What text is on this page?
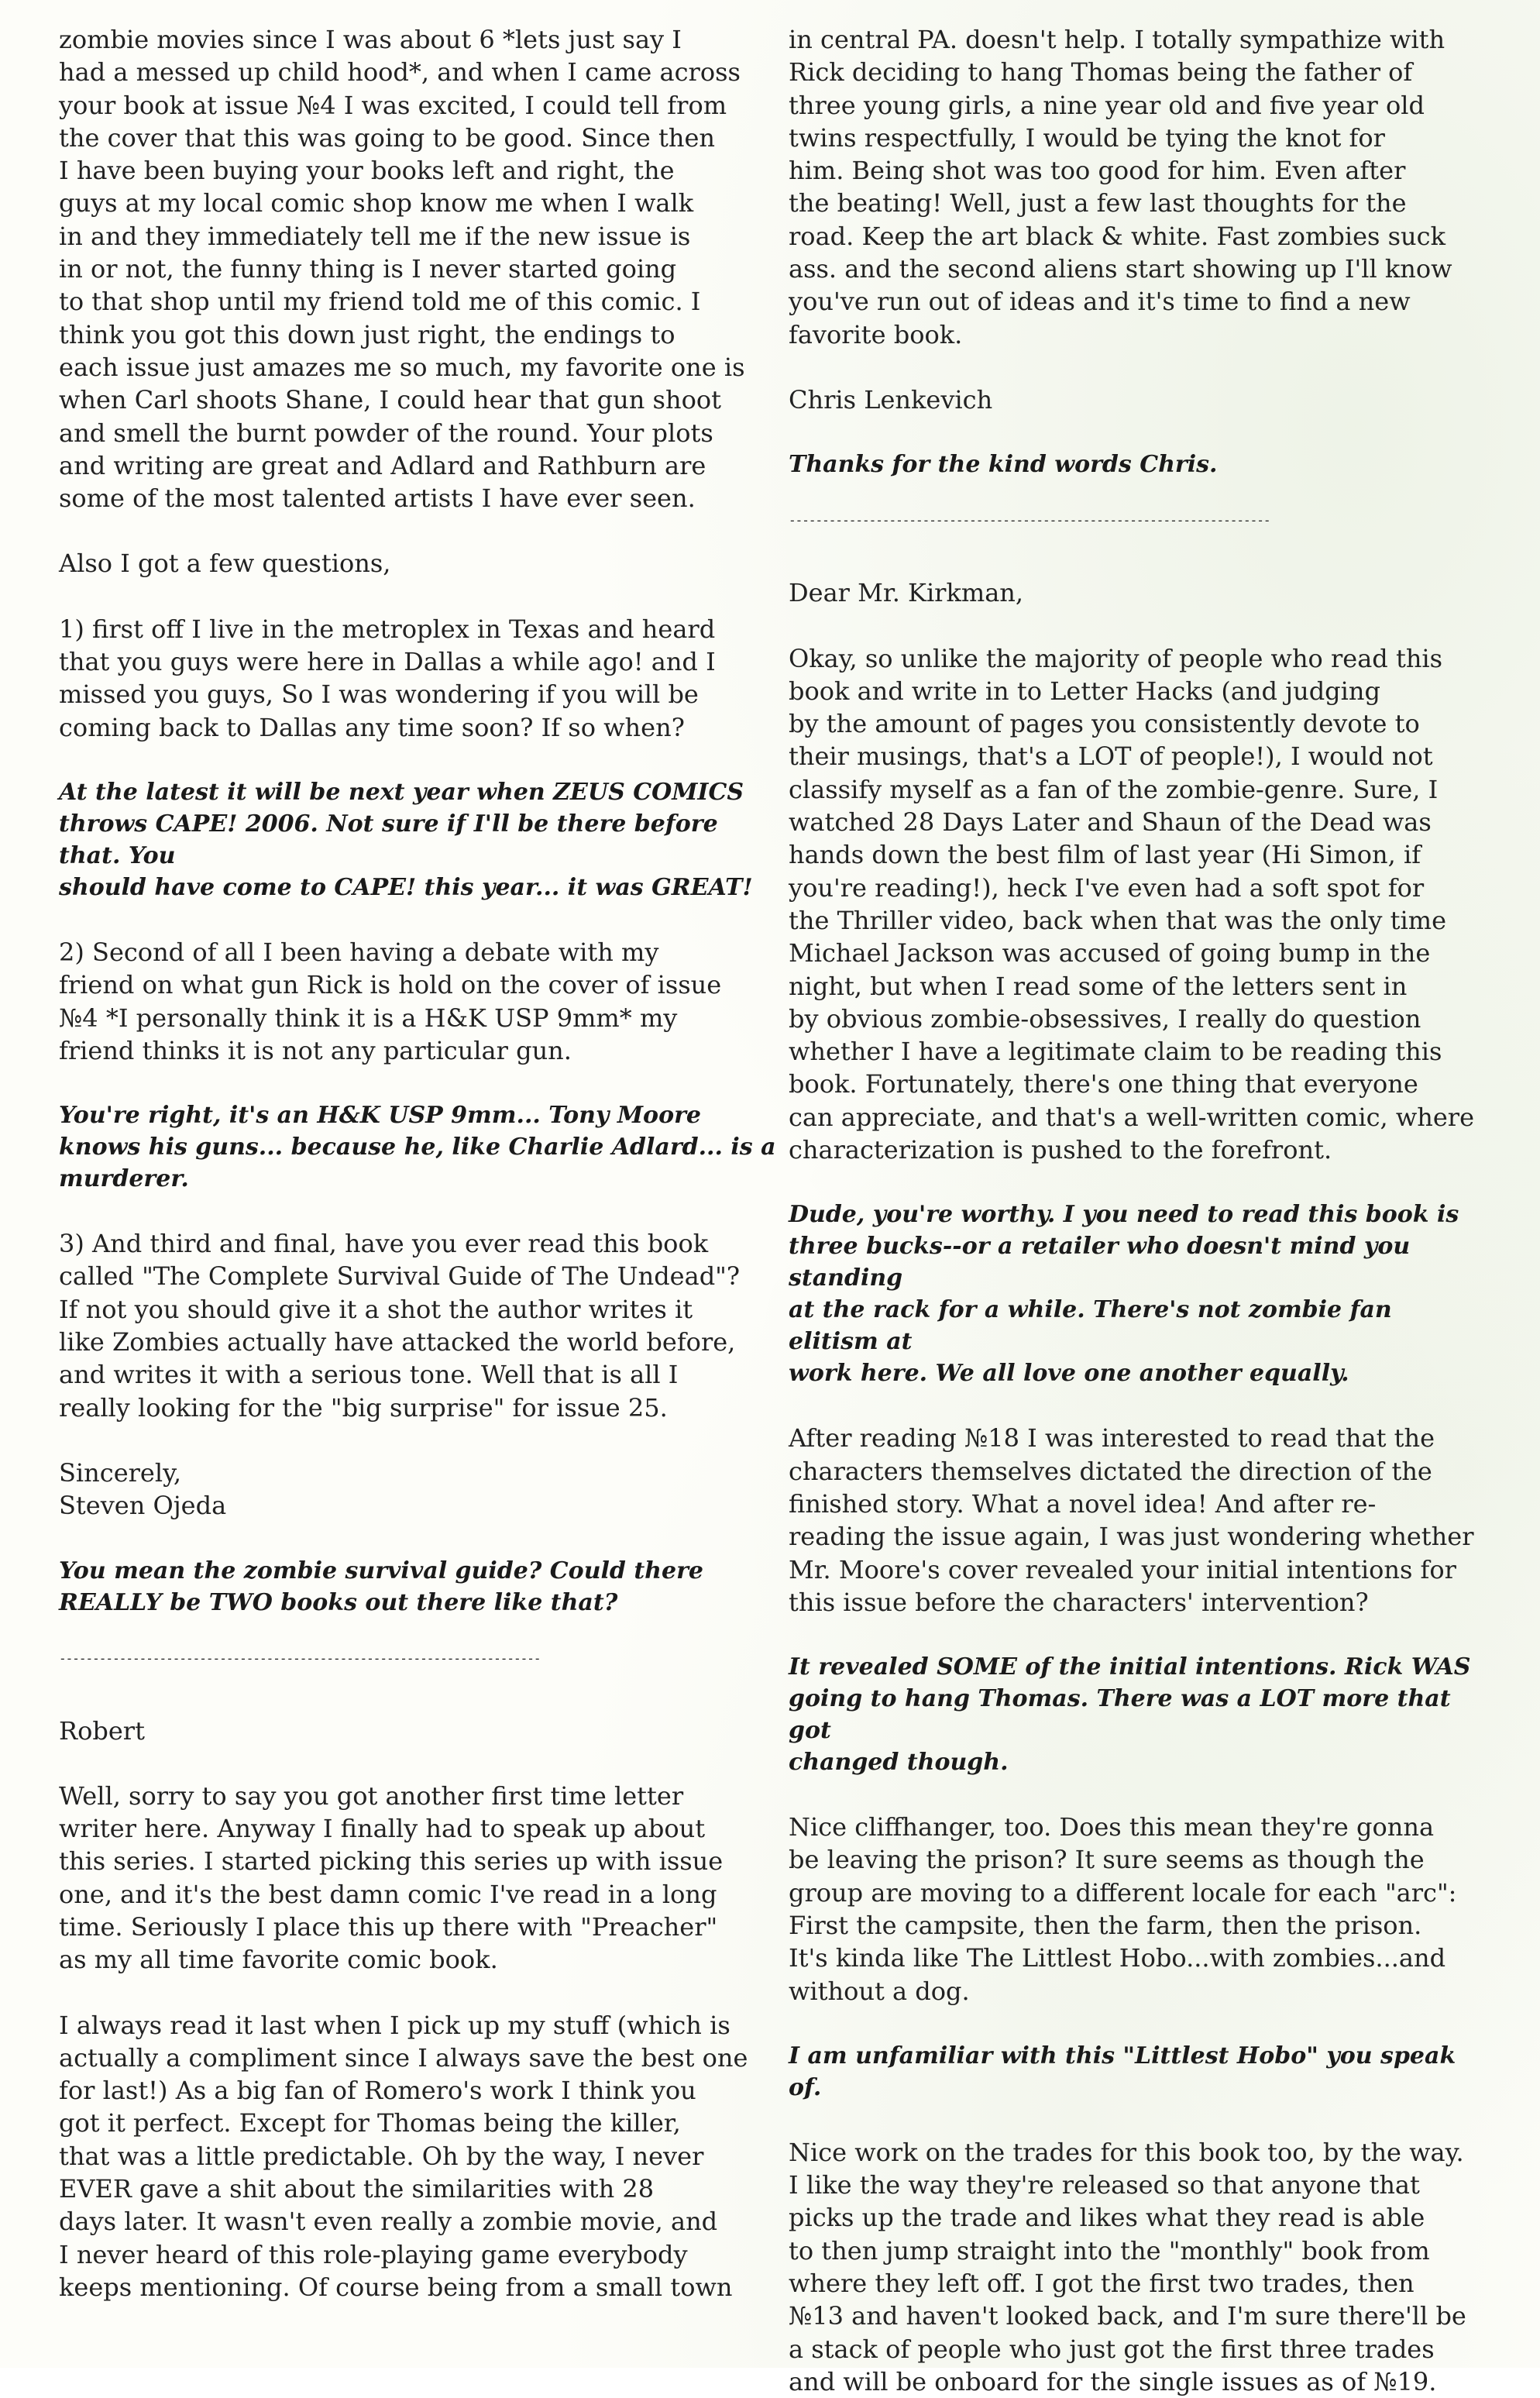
zombie movies since I was about 6 *lets just say I
had a messed up child hood*, and when I came across
your book at issue №4 I was excited, I could tell from
the cover that this was going to be good. Since then
I have been buying your books left and right, the
guys at my local comic shop know me when I walk
in and they immediately tell me if the new issue is
in or not, the funny thing is I never started going
to that shop until my friend told me of this comic. I
think you got this down just right, the endings to
each issue just amazes me so much, my favorite one is
when Carl shoots Shane, I could hear that gun shoot
and smell the burnt powder of the round. Your plots
and writing are great and Adlard and Rathburn are
some of the most talented artists I have ever seen.

Also I got a few questions,

1) first off I live in the metroplex in Texas and heard
that you guys were here in Dallas a while ago! and I
missed you guys, So I was wondering if you will be
coming back to Dallas any time soon? If so when?

At the latest it will be next year when ZEUS COMICS
throws CAPE! 2006. Not sure if I'll be there before that. You
should have come to CAPE! this year... it was GREAT!

2) Second of all I been having a debate with my
friend on what gun Rick is hold on the cover of issue
№4 *I personally think it is a H&K USP 9mm* my
friend thinks it is not any particular gun.

You're right, it's an H&K USP 9mm... Tony Moore
knows his guns... because he, like Charlie Adlard... is a
murderer.

3) And third and final, have you ever read this book
called "The Complete Survival Guide of The Undead"?
If not you should give it a shot the author writes it
like Zombies actually have attacked the world before,
and writes it with a serious tone. Well that is all I
really looking for the "big surprise" for issue 25.

Sincerely,
Steven Ojeda

You mean the zombie survival guide? Could there
REALLY be TWO books out there like that?

------------------------------------------------------------------------

Robert

Well, sorry to say you got another first time letter
writer here. Anyway I finally had to speak up about
this series. I started picking this series up with issue
one, and it's the best damn comic I've read in a long
time. Seriously I place this up there with "Preacher"
as my all time favorite comic book.

I always read it last when I pick up my stuff (which is
actually a compliment since I always save the best one
for last!) As a big fan of Romero's work I think you
got it perfect. Except for Thomas being the killer,
that was a little predictable. Oh by the way, I never
EVER gave a shit about the similarities with 28
days later. It wasn't even really a zombie movie, and
I never heard of this role-playing game everybody
keeps mentioning. Of course being from a small town

in central PA. doesn't help. I totally sympathize with
Rick deciding to hang Thomas being the father of
three young girls, a nine year old and five year old
twins respectfully, I would be tying the knot for
him. Being shot was too good for him. Even after
the beating! Well, just a few last thoughts for the
road. Keep the art black & white. Fast zombies suck
ass. and the second aliens start showing up I'll know
you've run out of ideas and it's time to find a new
favorite book.

Chris Lenkevich

Thanks for the kind words Chris.

------------------------------------------------------------------------

Dear Mr. Kirkman,

Okay, so unlike the majority of people who read this
book and write in to Letter Hacks (and judging
by the amount of pages you consistently devote to
their musings, that's a LOT of people!), I would not
classify myself as a fan of the zombie-genre. Sure, I
watched 28 Days Later and Shaun of the Dead was
hands down the best film of last year (Hi Simon, if
you're reading!), heck I've even had a soft spot for
the Thriller video, back when that was the only time
Michael Jackson was accused of going bump in the
night, but when I read some of the letters sent in
by obvious zombie-obsessives, I really do question
whether I have a legitimate claim to be reading this
book. Fortunately, there's one thing that everyone
can appreciate, and that's a well-written comic, where
characterization is pushed to the forefront.

Dude, you're worthy. I you need to read this book is
three bucks--or a retailer who doesn't mind you standing
at the rack for a while. There's not zombie fan elitism at
work here. We all love one another equally.

After reading №18 I was interested to read that the
characters themselves dictated the direction of the
finished story. What a novel idea! And after re-
reading the issue again, I was just wondering whether
Mr. Moore's cover revealed your initial intentions for
this issue before the characters' intervention?

It revealed SOME of the initial intentions. Rick WAS
going to hang Thomas. There was a LOT more that got
changed though.

Nice cliffhanger, too. Does this mean they're gonna
be leaving the prison? It sure seems as though the
group are moving to a different locale for each "arc":
First the campsite, then the farm, then the prison.
It's kinda like The Littlest Hobo...with zombies...and
without a dog.

I am unfamiliar with this "Littlest Hobo" you speak of.

Nice work on the trades for this book too, by the way.
I like the way they're released so that anyone that
picks up the trade and likes what they read is able
to then jump straight into the "monthly" book from
where they left off. I got the first two trades, then
№13 and haven't looked back, and I'm sure there'll be
a stack of people who just got the first three trades
and will be onboard for the single issues as of №19.
